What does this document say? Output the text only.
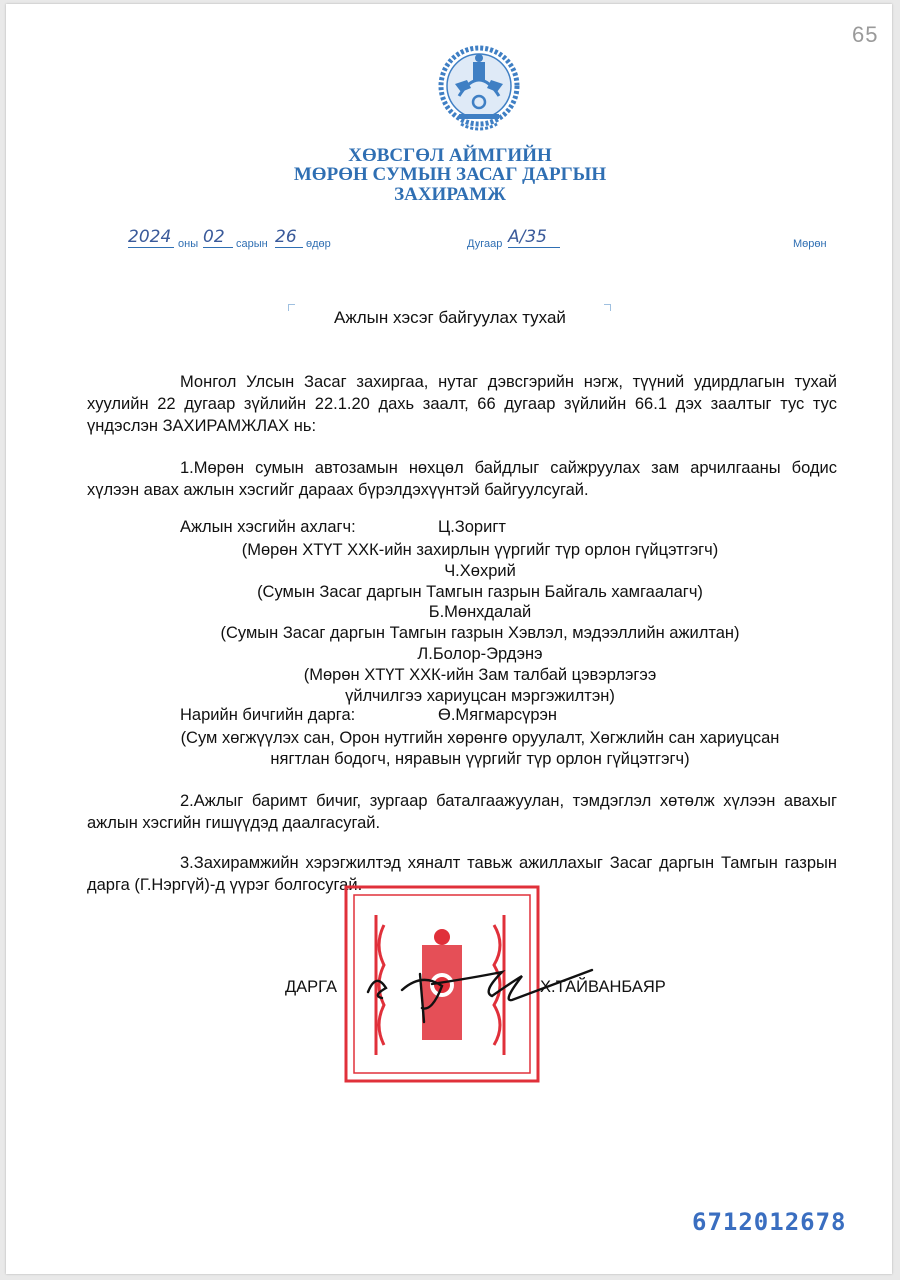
65
ХӨВСГӨЛ АЙМГИЙН
МӨРӨН СУМЫН ЗАСАГ ДАРГЫН
ЗАХИРАМЖ
2024 оны 02	сарын 26 өдөр	Дугаар А/35	Мөрөн
Ажлын хэсэг байгуулах тухай
Монгол Улсын Засаг захиргаа, нутаг дэвсгэрийн нэгж, түүний удирдлагын тухай хуулийн 22 дугаар зүйлийн 22.1.20 дахь заалт, 66 дугаар зүйлийн 66.1 дэх заалтыг тус тус үндэслэн ЗАХИРАМЖЛАХ нь:
1.Мөрөн сумын автозамын нөхцөл байдлыг сайжруулах зам арчилгааны бодис хүлээн авах ажлын хэсгийг дараах бүрэлдэхүүнтэй байгуулсугай.
Ажлын хэсгийн ахлагч:	Ц.Зоригт
(Мөрөн ХТҮТ ХХК-ийн захирлын үүргийг түр орлон гүйцэтгэгч)
Ч.Хөхрий
(Сумын Засаг даргын Тамгын газрын Байгаль хамгаалагч)
Б.Мөнхдалай
(Сумын Засаг даргын Тамгын газрын Хэвлэл, мэдээллийн ажилтан)
Л.Болор-Эрдэнэ
(Мөрөн ХТҮТ ХХК-ийн Зам талбай цэвэрлэгээ
үйлчилгээ хариуцсан мэргэжилтэн)
Нарийн бичгийн дарга:	Ө.Мягмарсүрэн
(Сум хөгжүүлэх сан, Орон нутгийн хөрөнгө оруулалт, Хөгжлийн сан хариуцсан
нягтлан бодогч, няравын үүргийг түр орлон гүйцэтгэгч)
2.Ажлыг баримт бичиг, зургаар баталгаажуулан, тэмдэглэл хөтөлж хүлээн авахыг ажлын хэсгийн гишүүдэд даалгасугай.
3.Захирамжийн хэрэгжилтэд хяналт тавьж ажиллахыг Засаг даргын Тамгын газрын дарга (Г.Нэргүй)-д үүрэг болгосугай.
ДАРГА	Х.ТАЙВАНБАЯР
6712012678
